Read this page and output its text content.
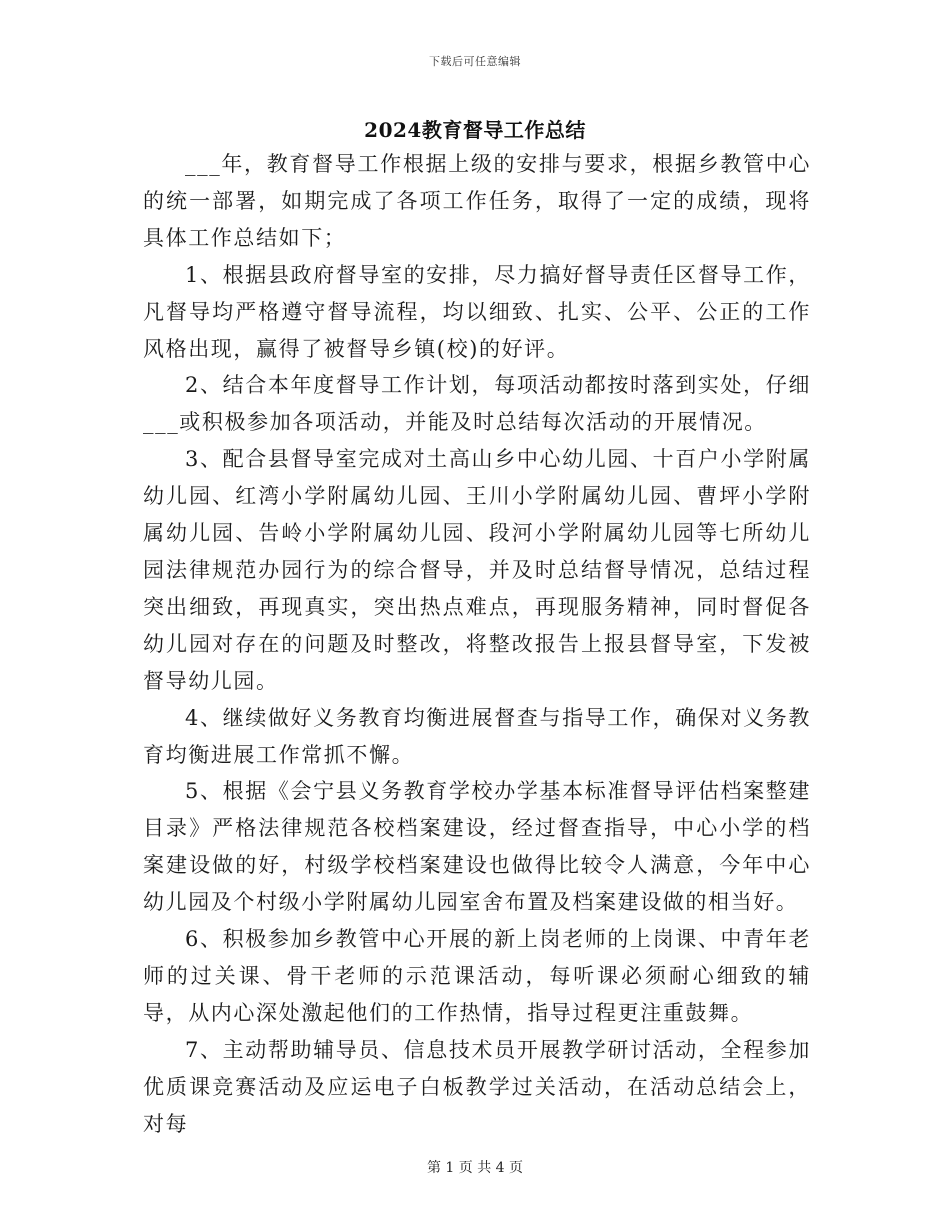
下载后可任意编辑
2024教育督导工作总结

___年，教育督导工作根据上级的安排与要求，根据乡教管中心的统一部署，如期完成了各项工作任务，取得了一定的成绩，现将具体工作总结如下；

1、根据县政府督导室的安排，尽力搞好督导责任区督导工作，凡督导均严格遵守督导流程，均以细致、扎实、公平、公正的工作风格出现，赢得了被督导乡镇(校)的好评。

2、结合本年度督导工作计划，每项活动都按时落到实处，仔细___或积极参加各项活动，并能及时总结每次活动的开展情况。

3、配合县督导室完成对土高山乡中心幼儿园、十百户小学附属幼儿园、红湾小学附属幼儿园、王川小学附属幼儿园、曹坪小学附属幼儿园、告岭小学附属幼儿园、段河小学附属幼儿园等七所幼儿园法律规范办园行为的综合督导，并及时总结督导情况，总结过程突出细致，再现真实，突出热点难点，再现服务精神，同时督促各幼儿园对存在的问题及时整改，将整改报告上报县督导室，下发被督导幼儿园。

4、继续做好义务教育均衡进展督查与指导工作，确保对义务教育均衡进展工作常抓不懈。

5、根据《会宁县义务教育学校办学基本标准督导评估档案整建目录》严格法律规范各校档案建设，经过督查指导，中心小学的档案建设做的好，村级学校档案建设也做得比较令人满意，今年中心幼儿园及个村级小学附属幼儿园室舍布置及档案建设做的相当好。

6、积极参加乡教管中心开展的新上岗老师的上岗课、中青年老师的过关课、骨干老师的示范课活动，每听课必须耐心细致的辅导，从内心深处激起他们的工作热情，指导过程更注重鼓舞。

7、主动帮助辅导员、信息技术员开展教学研讨活动，全程参加优质课竞赛活动及应运电子白板教学过关活动，在活动总结会上，对每

第 1 页 共 4 页
